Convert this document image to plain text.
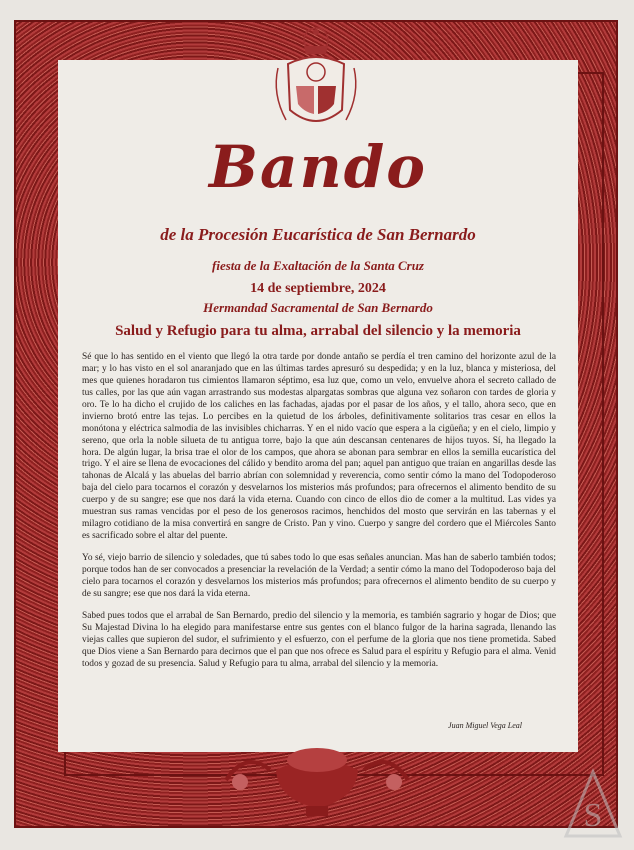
Bando
de la Procesión Eucarística de San Bernardo
fiesta de la Exaltación de la Santa Cruz
14 de septiembre, 2024
Hermandad Sacramental de San Bernardo
Salud y Refugio para tu alma, arrabal del silencio y la memoria

Sé que lo has sentido en el viento que llegó la otra tarde por donde antaño se perdía el tren camino del horizonte azul de la mar; y lo has visto en el sol anaranjado que en las últimas tardes apresuró su despedida; y en la luz, blanca y misteriosa, del mes que quienes horadaron tus cimientos llamaron séptimo, esa luz que, como un velo, envuelve ahora el secreto callado de tus calles, por las que aún vagan arrastrando sus modestas alpargatas sombras que alguna vez soñaron con tardes de gloria y oro. Te lo ha dicho el crujido de los caliches en las fachadas, ajadas por el pasar de los años, y el tallo, ahora seco, que en invierno brotó entre las tejas. Lo percibes en la quietud de los árboles, definitivamente solitarios tras cesar en ellos la monótona y eléctrica salmodia de las invisibles chicharras. Y en el nido vacío que espera a la cigüeña; y en el cielo, limpio y sereno, que orla la noble silueta de tu antigua torre, bajo la que aún descansan centenares de hijos tuyos. Sí, ha llegado la hora. De algún lugar, la brisa trae el olor de los campos, que ahora se abonan para sembrar en ellos la semilla eucarística del trigo. Y el aire se llena de evocaciones del cálido y bendito aroma del pan; aquel pan antiguo que traían en angarillas desde las tahonas de Alcalá y las abuelas del barrio abrían con solemnidad y reverencia, como sentir cómo la mano del Todopoderoso baja del cielo para tocarnos el corazón y desvelarnos los misterios más profundos; para ofrecernos el alimento bendito de su cuerpo y de su sangre; ese que nos dará la vida eterna. Cuando con cinco de ellos dio de comer a la multitud. Las vides ya muestran sus ramas vencidas por el peso de los generosos racimos, henchidos del mosto que servirán en las tabernas y el milagro cotidiano de la misa convertirá en sangre de Cristo. Pan y vino. Cuerpo y sangre del cordero que el Miércoles Santo es sacrificado sobre el altar del puente.

Yo sé, viejo barrio de silencio y soledades, que tú sabes todo lo que esas señales anuncian. Mas han de saberlo también todos; porque todos han de ser convocados a presenciar la revelación de la Verdad; a sentir cómo la mano del Todopoderoso baja del cielo para tocarnos el corazón y desvelarnos los misterios más profundos; para ofrecernos el alimento bendito de su cuerpo y de su sangre; ese que nos dará la vida eterna.

Sabed pues todos que el arrabal de San Bernardo, predio del silencio y la memoria, es también sagrario y hogar de Dios; que Su Majestad Divina lo ha elegido para manifestarse entre sus gentes con el blanco fulgor de la harina sagrada, llenando las viejas calles que supieron del sudor, el sufrimiento y el esfuerzo, con el perfume de la gloria que nos tiene prometida. Sabed que Dios viene a San Bernardo para decirnos que el pan que nos ofrece es Salud para el espíritu y Refugio para el alma. Venid todos y gozad de su presencia. Salud y Refugio para tu alma, arrabal del silencio y la memoria.

Juan Miguel Vega Leal
S
